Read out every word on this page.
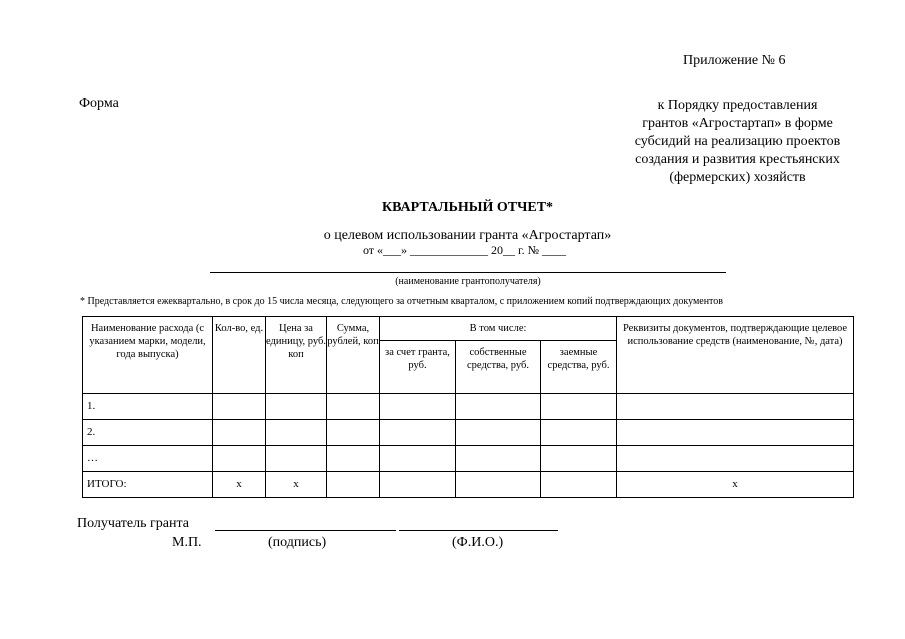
Приложение № 6
Форма	к Порядку предоставления
грантов «Агростартап» в форме
субсидий на реализацию проектов
создания и развития крестьянских
(фермерских) хозяйств
КВАРТАЛЬНЫЙ ОТЧЕТ*
о целевом использовании гранта «Агростартап»
от «___» _____________ 20__ г. № ____
(наименование грантополучателя)
* Представляется ежеквартально, в срок до 15 числа месяца, следующего за отчетным кварталом, с приложением копий подтверждающих документов
Наименование расхода (с указанием марки, модели, года выпуска)	Кол-во, ед.	Цена за единицу, руб. коп	Сумма, рублей, коп	В том числе:			Реквизиты документов, подтверждающие целевое использование средств (наименование, №, дата)
				за счет гранта, руб.	собственные средства, руб.	заемные средства, руб.	
1.							
2.							
…							
ИТОГО:	х	х					х
Получатель гранта
М.П.	(подпись)	(Ф.И.О.)
